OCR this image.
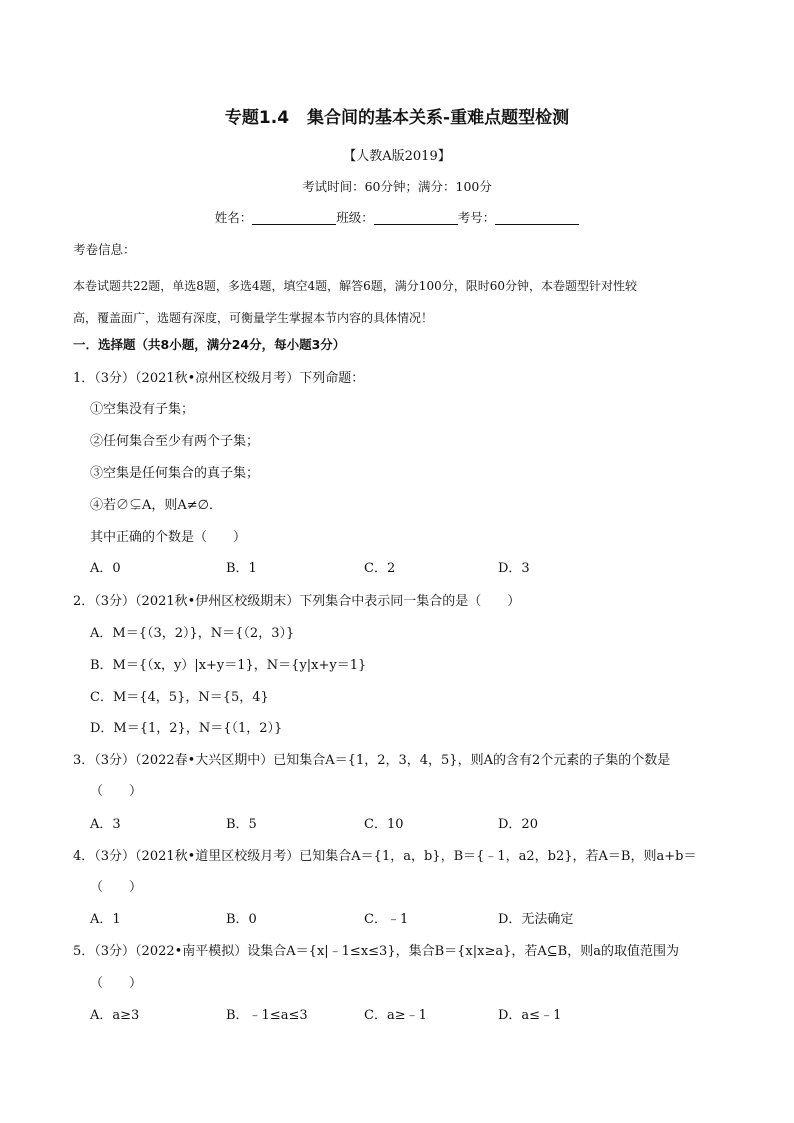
专题1.4 集合间的基本关系-重难点题型检测
【人教A版2019】
考试时间：60分钟；满分：100分
姓名：	班级：	考号：
考卷信息：
本卷试题共22题，单选8题，多选4题，填空4题，解答6题，满分100分，限时60分钟，本卷题型针对性较
高，覆盖面广，选题有深度，可衡量学生掌握本节内容的具体情况！
一．选择题（共8小题，满分24分，每小题3分）
1．（3分）（2021秋•凉州区校级月考）下列命题：
①空集没有子集；
②任何集合至少有两个子集；
③空集是任何集合的真子集；
④若∅⊊A，则A≠∅．
其中正确的个数是（　　）
A．0	B．1	C．2	D．3
2．（3分）（2021秋•伊州区校级期末）下列集合中表示同一集合的是（　　）
A．M＝{（3，2）}，N＝{（2，3）}
B．M＝{（x，y）|x+y＝1}，N＝{y|x+y＝1}
C．M＝{4，5}，N＝{5，4}
D．M＝{1，2}，N＝{（1，2）}
3．（3分）（2022春•大兴区期中）已知集合A＝{1，2，3，4，5}，则A的含有2个元素的子集的个数是
（　　）
A．3	B．5	C．10	D．20
4．（3分）（2021秋•道里区校级月考）已知集合A＝{1，a，b}，B＝{﹣1，a2，b2}，若A＝B，则a+b＝
（　　）
A．1	B．0	C．﹣1	D．无法确定
5．（3分）（2022•南平模拟）设集合A＝{x|﹣1≤x≤3}，集合B＝{x|x≥a}，若A⊆B，则a的取值范围为
（　　）
A．a≥3	B．﹣1≤a≤3	C．a≥﹣1	D．a≤﹣1
